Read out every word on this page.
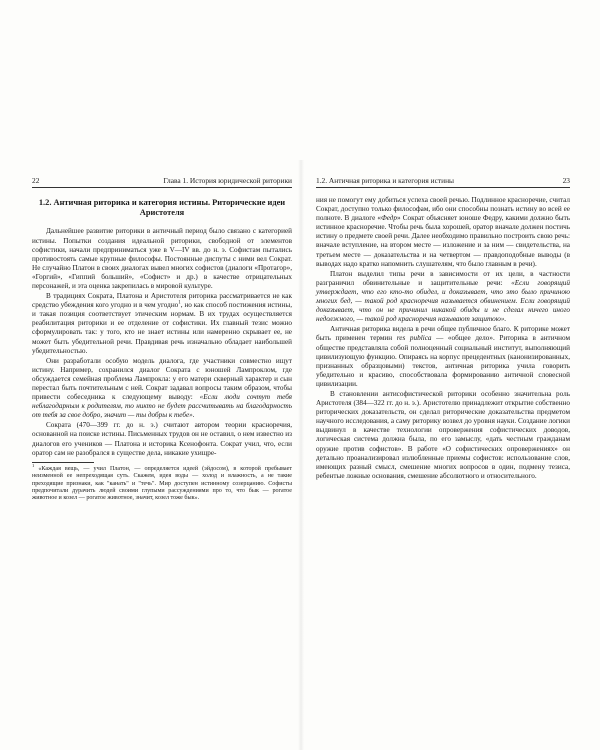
22	Глава 1. История юридической риторики
1.2. Античная риторика и категория истины. Риторические идеи Аристотеля

Дальнейшее развитие риторики в античный период было связано с категорией истины. Попытки создания идеальной риторики, свободной от элементов софистики, начали предприниматься уже в V—IV вв. до н. э. Софистам пытались противостоять самые крупные философы. Постоянные диспуты с ними вел Сократ. Не случайно Платон в своих диалогах вывел многих софистов (диалоги «Протагор», «Горгий», «Гиппий больший», «Софист» и др.) в качестве отрицательных персонажей, и эта оценка закрепилась в мировой культуре.

В традициях Сократа, Платона и Аристотеля риторика рассматривается не как средство убеждения кого угодно и в чем угодно$^1$, но как способ постижения истины, и такая позиция соответствует этическим нормам. В их трудах осуществляется реабилитация риторики и ее отделение от софистики. Их главный тезис можно сформулировать так: у того, кто не знает истины или намеренно скрывает ее, не может быть убедительной речи. Правдивая речь изначально обладает наибольшей убедительностью.

Они разработали особую модель диалога, где участники совместно ищут истину. Например, сохранился диалог Сократа с юношей Лампроклом, где обсуждается семейная проблема Лампрокла: у его матери скверный характер и сын перестал быть почтительным с ней. Сократ задавал вопросы таким образом, чтобы привести собеседника к следующему выводу: «Если люди сочтут тебя неблагодарным к родителям, то никто не будет рассчитывать на благодарность от тебя за свое добро, значит — ты добры к тебе».

Сократа (470—399 гг. до н. э.) считают автором теории красноречия, основанной на поиске истины. Письменных трудов он не оставил, о нем известно из диалогов его учеников — Платона и историка Ксенофонта. Сократ учил, что, если оратор сам не разобрался в существе дела, никакие ухищре-

$^1$ «Каждая вещь, — учил Платон, — определяется идеей (эйдосом), в которой пребывает неизменной ее непреходящая суть. Скажем, идея воды — холод и влажность, а не такие преходящие признаки, как "канать" и "течь". Мир доступен истинному созерцанию. Софисты предпочитали дурачить людей своими глупыми рассуждениями про то, что бык — рогатое животное и козел — рогатое животное, значит, козел тоже бык».
1.2. Античная риторика и категория истины	23

ния не помогут ему добиться успеха своей речью. Подлинное красноречие, считал Сократ, доступно только философам, ибо они способны познать истину во всей ее полноте. В диалоге «Федр» Сократ объясняет юноше Федру, какими должно быть истинное красноречие. Чтобы речь была хорошей, оратор вначале должен постичь истину о предмете своей речи. Далее необходимо правильно построить свою речь: вначале вступление, на втором месте — изложение и за ним — свидетельства, на третьем месте — доказательства и на четвертом — правдоподобные выводы (в выводах надо кратко напомнить слушателям, что было главным в речи).

Платон выделил типы речи в зависимости от их цели, в частности разграничил обвинительные и защитительные речи: «Если говорящий утверждает, что его кто-то обидел, и доказывает, что это было причиною многих бед, — такой род красноречия называется обвинением. Если говорящий доказывает, что он не причинил никакой обиды и не сделал ничего иного недолжного, — такой род красноречия называют защитою».

Античная риторика видела в речи общее публичное благо. К риторике может быть применен термин res publica — «общее дело». Риторика в античном обществе представляла собой полноценный социальный институт, выполняющий цивилизующую функцию. Опираясь на корпус прецедентных (канонизированных, признанных образцовыми) текстов, античная риторика учила говорить убедительно и красиво, способствовала формированию античной словесной цивилизации.

В становлении антисофистической риторики особенно значительна роль Аристотеля (384—322 гг. до н. э.). Аристотелю принадлежит открытие собственно риторических доказательств, он сделал риторические доказательства предметом научного исследования, а саму риторику возвел до уровня науки. Создание логики выдвинул в качестве технологии опровержения софистических доводов, логическая система должна была, по его замыслу, «дать честным гражданам оружие против софистов». В работе «О софистических опровержениях» он детально проанализировал излюбленные приемы софистов: использование слов, имеющих разный смысл, смешение многих вопросов в один, подмену тезиса, ребентые ложные основания, смешение абсолютного и относительного.
